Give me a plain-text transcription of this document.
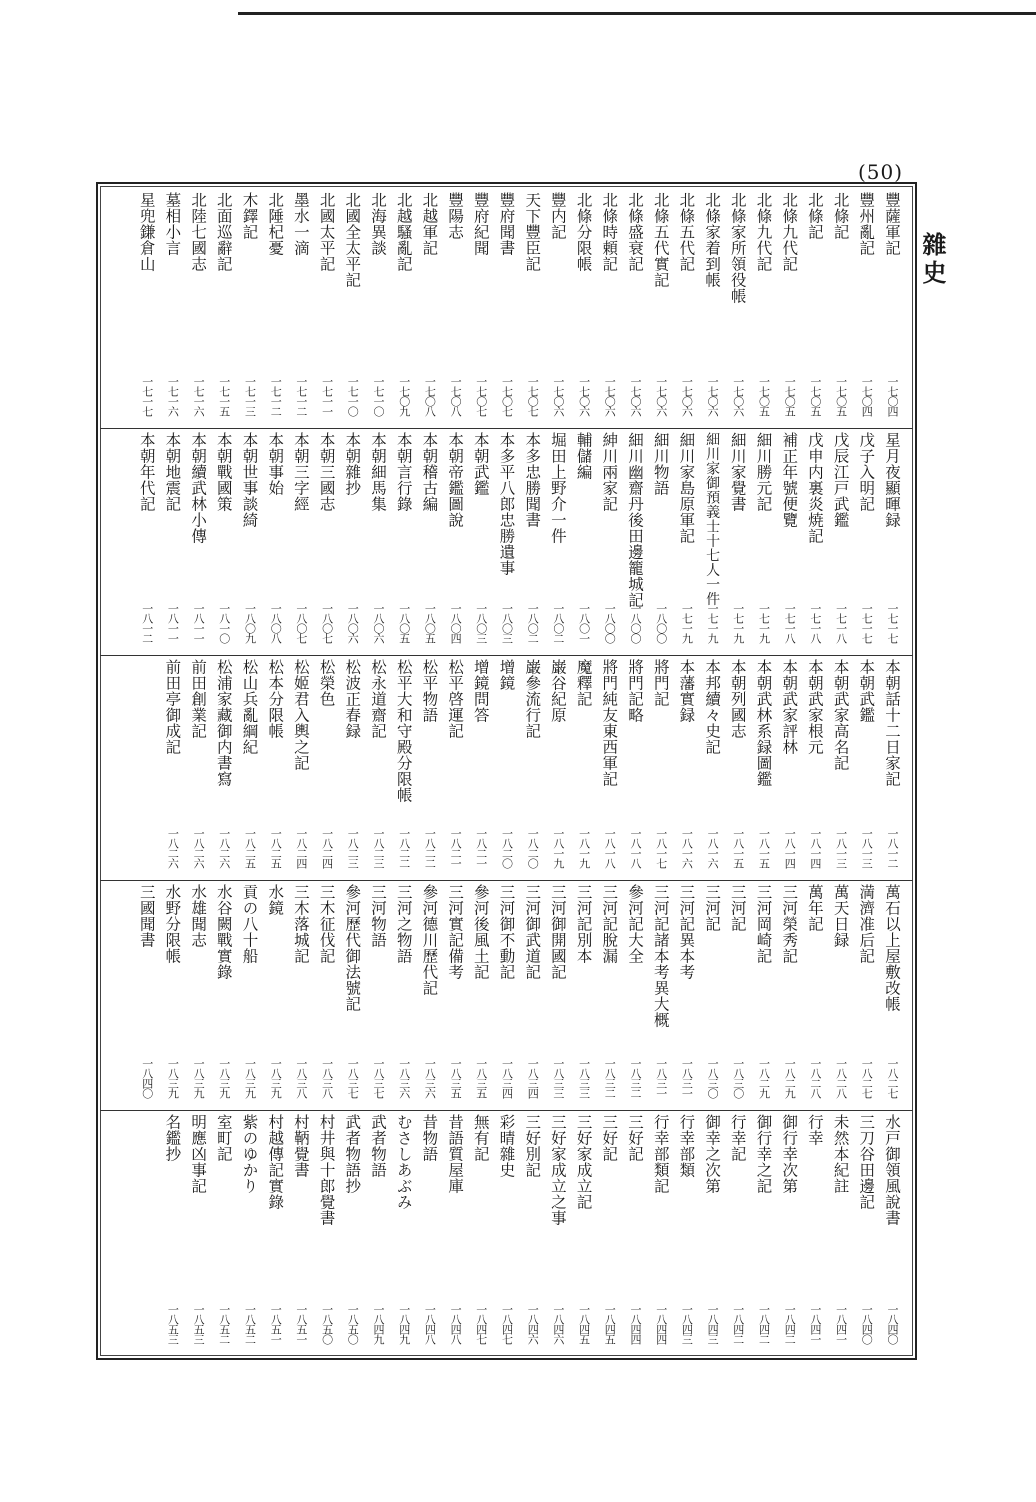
(50)
雜史
豐薩軍記
一七〇四
豐州亂記
一七〇四
北條記
一七〇五
北條記
一七〇五
北條九代記
一七〇五
北條九代記
一七〇五
北條家所領役帳
一七〇六
北條家着到帳
一七〇六
北條五代記
一七〇六
北條五代實記
一七〇六
北條盛衰記
一七〇六
北條時頼記
一七〇六
北條分限帳
一七〇六
豐内記
一七〇六
天下豐臣記
一七〇七
豐府聞書
一七〇七
豐府紀聞
一七〇七
豐陽志
一七〇八
北越軍記
一七〇八
北越騷亂記
一七〇九
北海異談
一七一〇
北國全太平記
一七一〇
北國太平記
一七一一
墨水一滴
一七一二
北陲杞憂
一七一二
木鐸記
一七一三
北面巡辭記
一七一五
北陸七國志
一七一六
墓相小言
一七一六
星兜鎌倉山
一七一七
星月夜顯暉録
一七一七
戊子入明記
一七一七
戊辰江戸武鑑
一七一八
戊申内裏炎焼記
一七一八
補正年號便覽
一七一八
細川勝元記
一七一九
細川家覺書
一七一九
細川家御預義士十七人一件
一七一九
細川家島原軍記
一七一九
細川物語
一八〇〇
細川幽齋丹後田邊籠城記
一八〇〇
紳川兩家記
一八〇〇
輔儲編
一八〇一
堀田上野介一件
一八〇二
本多忠勝聞書
一八〇二
本多平八郎忠勝遺事
一八〇三
本朝武鑑
一八〇三
本朝帝鑑圖說
一八〇四
本朝稽古編
一八〇五
本朝言行錄
一八〇五
本朝細馬集
一八〇六
本朝雜抄
一八〇六
本朝三國志
一八〇七
本朝三字經
一八〇七
本朝事始
一八〇八
本朝世事談綺
一八〇九
本朝戰國策
一八一〇
本朝續武林小傳
一八一一
本朝地震記
一八一一
本朝年代記
一八一二
本朝話十二日家記
一八一二
本朝武鑑
一八一三
本朝武家高名記
一八一三
本朝武家根元
一八一四
本朝武家評林
一八一四
本朝武林系録圖鑑
一八一五
本朝列國志
一八一五
本邦續々史記
一八一六
本藩實録
一八一六
將門記
一八一七
將門記略
一八一八
將門純友東西軍記
一八一八
魔釋記
一八一九
巌谷紀原
一八一九
巌參流行記
一八二〇
增鏡
一八二〇
增鏡問答
一八二一
松平啓運記
一八二一
松平物語
一八二二
松平大和守殿分限帳
一八二二
松永道齋記
一八二三
松波正春録
一八二三
松榮色
一八二四
松姬君入輿之記
一八二四
松本分限帳
一八二五
松山兵亂綱紀
一八二五
松浦家藏御内書寫
一八二六
前田創業記
一八二六
前田亭御成記
一八二六
萬石以上屋敷改帳
一八二七
満濟准后記
一八二七
萬天日録
一八二八
萬年記
一八二八
三河榮秀記
一八二九
三河岡崎記
一八二九
三河記
一八三〇
三河記
一八三〇
三河記異本考
一八三一
三河記諸本考異大概
一八三一
參河記大全
一八三二
三河記脫漏
一八三二
三河記別本
一八三三
三河御開國記
一八三三
三河御武道記
一八三四
三河御不動記
一八三四
參河後風土記
一八三五
三河實記備考
一八三五
參河德川歷代記
一八三六
三河之物語
一八三六
三河物語
一八三七
參河歷代御法號記
一八三七
三木征伐記
一八三八
三木落城記
一八三八
水鏡
一八三九
貢の八十船
一八三九
水谷闕戰實錄
一八三九
水雄聞志
一八三九
水野分限帳
一八三九
三國聞書
一八四〇
水戸御領風說書
一八四〇
三刀谷田邊記
一八四〇
未然本紀註
一八四一
行幸
一八四一
御行幸次第
一八四二
御行幸之記
一八四二
行幸記
一八四二
御幸之次第
一八四三
行幸部類
一八四三
行幸部類記
一八四四
三好記
一八四四
三好記
一八四五
三好家成立記
一八四五
三好家成立之事
一八四六
三好別記
一八四六
彩晴雜史
一八四七
無有記
一八四七
昔語質屋庫
一八四八
昔物語
一八四八
むさしあぶみ
一八四九
武者物語
一八四九
武者物語抄
一八五〇
村井與十郎覺書
一八五〇
村鞆覺書
一八五一
村越傳記實錄
一八五一
紫のゆかり
一八五二
室町記
一八五二
明應凶事記
一八五三
名鑑抄
一八五三
